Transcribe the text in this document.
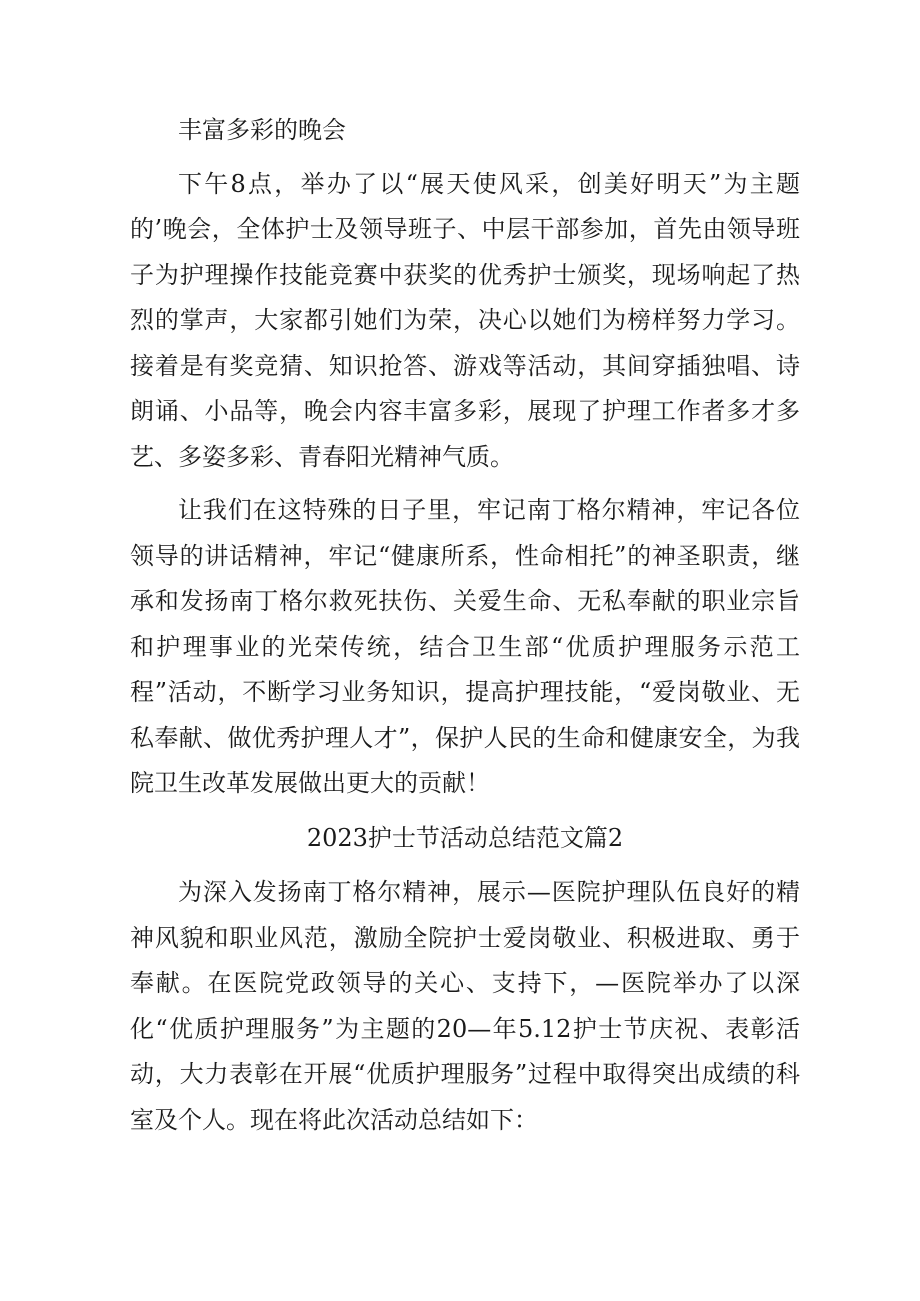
丰富多彩的晚会

下午8点，举办了以“展天使风采，创美好明天”为主题的’晚会，全体护士及领导班子、中层干部参加，首先由领导班子为护理操作技能竞赛中获奖的优秀护士颁奖，现场响起了热烈的掌声，大家都引她们为荣，决心以她们为榜样努力学习。接着是有奖竞猜、知识抢答、游戏等活动，其间穿插独唱、诗朗诵、小品等，晚会内容丰富多彩，展现了护理工作者多才多艺、多姿多彩、青春阳光精神气质。

让我们在这特殊的日子里，牢记南丁格尔精神，牢记各位领导的讲话精神，牢记“健康所系，性命相托”的神圣职责，继承和发扬南丁格尔救死扶伤、关爱生命、无私奉献的职业宗旨和护理事业的光荣传统，结合卫生部“优质护理服务示范工程”活动，不断学习业务知识，提高护理技能，“爱岗敬业、无私奉献、做优秀护理人才”，保护人民的生命和健康安全，为我院卫生改革发展做出更大的贡献！

2023护士节活动总结范文篇2

为深入发扬南丁格尔精神，展示—医院护理队伍良好的精神风貌和职业风范，激励全院护士爱岗敬业、积极进取、勇于奉献。在医院党政领导的关心、支持下，—医院举办了以深化“优质护理服务”为主题的20—年5.12护士节庆祝、表彰活动，大力表彰在开展“优质护理服务”过程中取得突出成绩的科室及个人。现在将此次活动总结如下：
